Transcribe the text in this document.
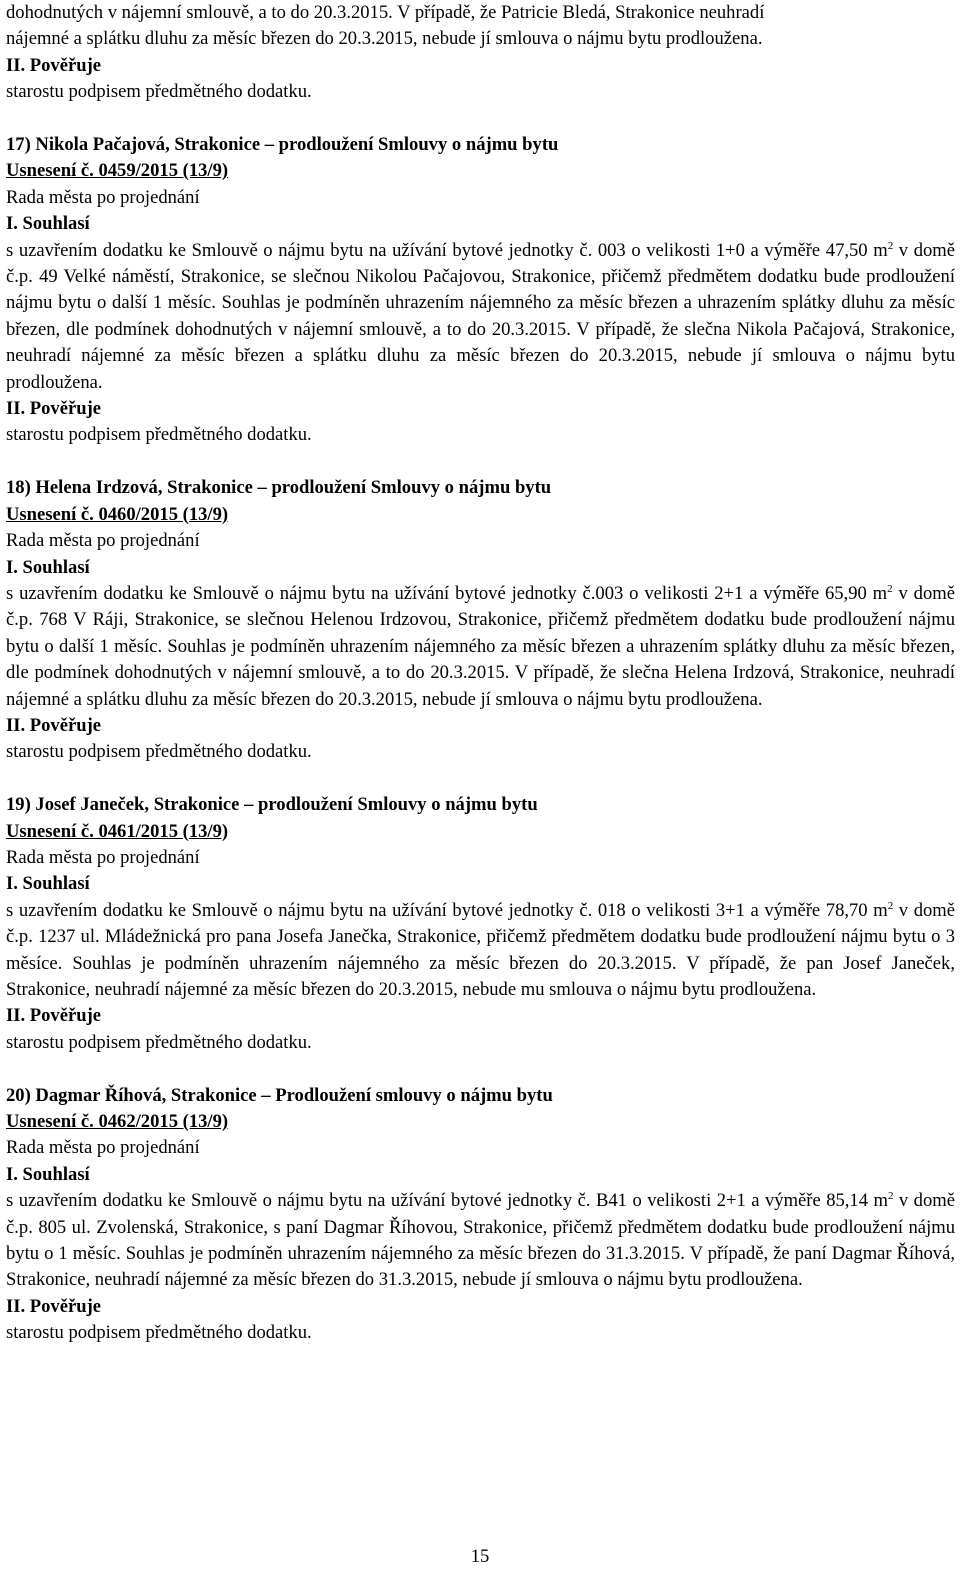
dohodnutých v nájemní smlouvě, a to do 20.3.2015. V případě, že Patricie Bledá, Strakonice neuhradí

nájemné a splátku dluhu za měsíc březen do 20.3.2015, nebude jí smlouva o nájmu bytu prodloužena.

II. Pověřuje

starostu podpisem předmětného dodatku.

17) Nikola Pačajová, Strakonice – prodloužení Smlouvy o nájmu bytu

Usnesení č. 0459/2015 (13/9)

Rada města po projednání

I. Souhlasí

s uzavřením dodatku ke Smlouvě o nájmu bytu na užívání bytové jednotky č. 003 o velikosti 1+0 a výměře 47,50 $m^2$ v domě č.p. 49 Velké náměstí, Strakonice, se slečnou Nikolou Pačajovou, Strakonice, přičemž předmětem dodatku bude prodloužení nájmu bytu o další 1 měsíc. Souhlas je podmíněn uhrazením nájemného za měsíc březen a uhrazením splátky dluhu za měsíc březen, dle podmínek dohodnutých v nájemní smlouvě, a to do 20.3.2015. V případě, že slečna Nikola Pačajová, Strakonice, neuhradí nájemné za měsíc březen a splátku dluhu za měsíc březen do 20.3.2015, nebude jí smlouva o nájmu bytu prodloužena.

II. Pověřuje

starostu podpisem předmětného dodatku.

18) Helena Irdzová, Strakonice – prodloužení Smlouvy o nájmu bytu

Usnesení č. 0460/2015 (13/9)

Rada města po projednání

I. Souhlasí

s uzavřením dodatku ke Smlouvě o nájmu bytu na užívání bytové jednotky č.003 o velikosti 2+1 a výměře 65,90 $m^2$ v domě č.p. 768 V Ráji, Strakonice, se slečnou Helenou Irdzovou, Strakonice, přičemž předmětem dodatku bude prodloužení nájmu bytu o další 1 měsíc. Souhlas je podmíněn uhrazením nájemného za měsíc březen a uhrazením splátky dluhu za měsíc březen, dle podmínek dohodnutých v nájemní smlouvě, a to do 20.3.2015. V případě, že slečna Helena Irdzová, Strakonice, neuhradí nájemné a splátku dluhu za měsíc březen do 20.3.2015, nebude jí smlouva o nájmu bytu prodloužena.

II. Pověřuje

starostu podpisem předmětného dodatku.

19) Josef Janeček, Strakonice – prodloužení Smlouvy o nájmu bytu

Usnesení č. 0461/2015 (13/9)

Rada města po projednání

I. Souhlasí

s uzavřením dodatku ke Smlouvě o nájmu bytu na užívání bytové jednotky č. 018 o velikosti 3+1 a výměře 78,70 $m^2$ v domě č.p. 1237 ul. Mládežnická pro pana Josefa Janečka, Strakonice, přičemž předmětem dodatku bude prodloužení nájmu bytu o 3 měsíce. Souhlas je podmíněn uhrazením nájemného za měsíc březen do 20.3.2015. V případě, že pan Josef Janeček, Strakonice, neuhradí nájemné za měsíc březen do 20.3.2015, nebude mu smlouva o nájmu bytu prodloužena.

II. Pověřuje

starostu podpisem předmětného dodatku.

20) Dagmar Říhová, Strakonice – Prodloužení smlouvy o nájmu bytu

Usnesení č. 0462/2015 (13/9)

Rada města po projednání

I. Souhlasí

s uzavřením dodatku ke Smlouvě o nájmu bytu na užívání bytové jednotky č. B41 o velikosti 2+1 a výměře 85,14 $m^2$ v domě č.p. 805 ul. Zvolenská, Strakonice, s paní Dagmar Říhovou, Strakonice, přičemž předmětem dodatku bude prodloužení nájmu bytu o 1 měsíc. Souhlas je podmíněn uhrazením nájemného za měsíc březen do 31.3.2015. V případě, že paní Dagmar Říhová, Strakonice, neuhradí nájemné za měsíc březen do 31.3.2015, nebude jí smlouva o nájmu bytu prodloužena.

II. Pověřuje

starostu podpisem předmětného dodatku.

15
